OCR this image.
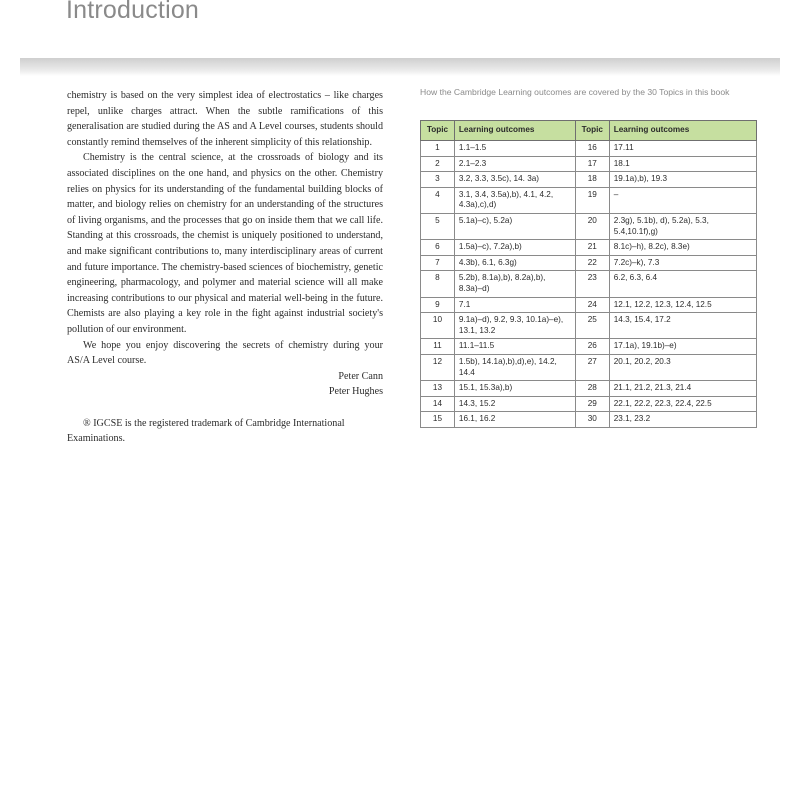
Introduction

chemistry is based on the very simplest idea of electrostatics – like charges repel, unlike charges attract. When the subtle ramifications of this generalisation are studied during the AS and A Level courses, students should constantly remind themselves of the inherent simplicity of this relationship.

Chemistry is the central science, at the crossroads of biology and its associated disciplines on the one hand, and physics on the other. Chemistry relies on physics for its understanding of the fundamental building blocks of matter, and biology relies on chemistry for an understanding of the structures of living organisms, and the processes that go on inside them that we call life. Standing at this crossroads, the chemist is uniquely positioned to understand, and make significant contributions to, many interdisciplinary areas of current and future importance. The chemistry-based sciences of biochemistry, genetic engineering, pharmacology, and polymer and material science will all make increasing contributions to our physical and material well-being in the future. Chemists are also playing a key role in the fight against industrial society's pollution of our environment.

We hope you enjoy discovering the secrets of chemistry during your AS/A Level course.

Peter Cann

Peter Hughes

® IGCSE is the registered trademark of Cambridge International Examinations.

How the Cambridge Learning outcomes are covered by the 30 Topics in this book
Topic	Learning outcomes	Topic	Learning outcomes
1	1.1–1.5	16	17.11
2	2.1–2.3	17	18.1
3	3.2, 3.3, 3.5c), 14. 3a)	18	19.1a),b), 19.3
4	3.1, 3.4, 3.5a),b), 4.1, 4.2, 4.3a),c),d)	19	–
5	5.1a)–c), 5.2a)	20	2.3g), 5.1b), d), 5.2a), 5.3, 5.4,10.1f),g)
6	1.5a)–c), 7.2a),b)	21	8.1c)–h), 8.2c), 8.3e)
7	4.3b), 6.1, 6.3g)	22	7.2c)–k), 7.3
8	5.2b), 8.1a),b), 8.2a),b), 8.3a)–d)	23	6.2, 6.3, 6.4
9	7.1	24	12.1, 12.2, 12.3, 12.4, 12.5
10	9.1a)–d), 9.2, 9.3, 10.1a)–e), 13.1, 13.2	25	14.3, 15.4, 17.2
11	11.1–11.5	26	17.1a), 19.1b)–e)
12	1.5b), 14.1a),b),d),e), 14.2, 14.4	27	20.1, 20.2, 20.3
13	15.1, 15.3a),b)	28	21.1, 21.2, 21.3, 21.4
14	14.3, 15.2	29	22.1, 22.2, 22.3, 22.4, 22.5
15	16.1, 16.2	30	23.1, 23.2
